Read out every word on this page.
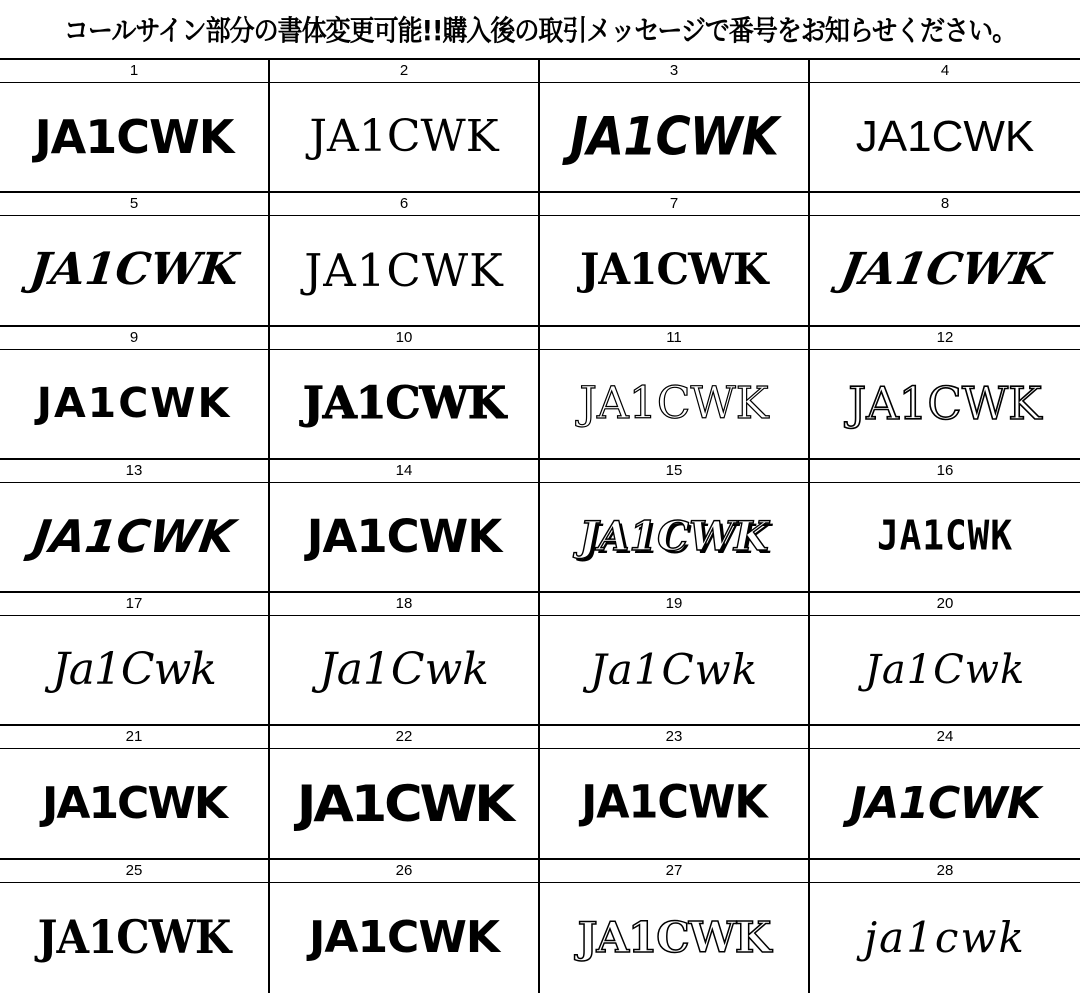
コールサイン部分の書体変更可能!!購入後の取引メッセージで番号をお知らせください。
1
JA1CWK
2
JA1CWK
3
JA1CWK
4
JA1CWK
5
JA1CWK
6
JA1CWK
7
JA1CWK
8
JA1CWK
9
JA1CWK
10
JA1CWK
11
JA1CWK
12
JA1CWK
13
JA1CWK
14
JA1CWK
15
JA1CWK
16
JA1CWK
17
Ja1Cwk
18
Ja1Cwk
19
Ja1Cwk
20
Ja1Cwk
21
JA1CWK
22
JA1CWK
23
JA1CWK
24
JA1CWK
25
JA1CWK
26
JA1CWK
27
JA1CWK
28
ja1cwk
